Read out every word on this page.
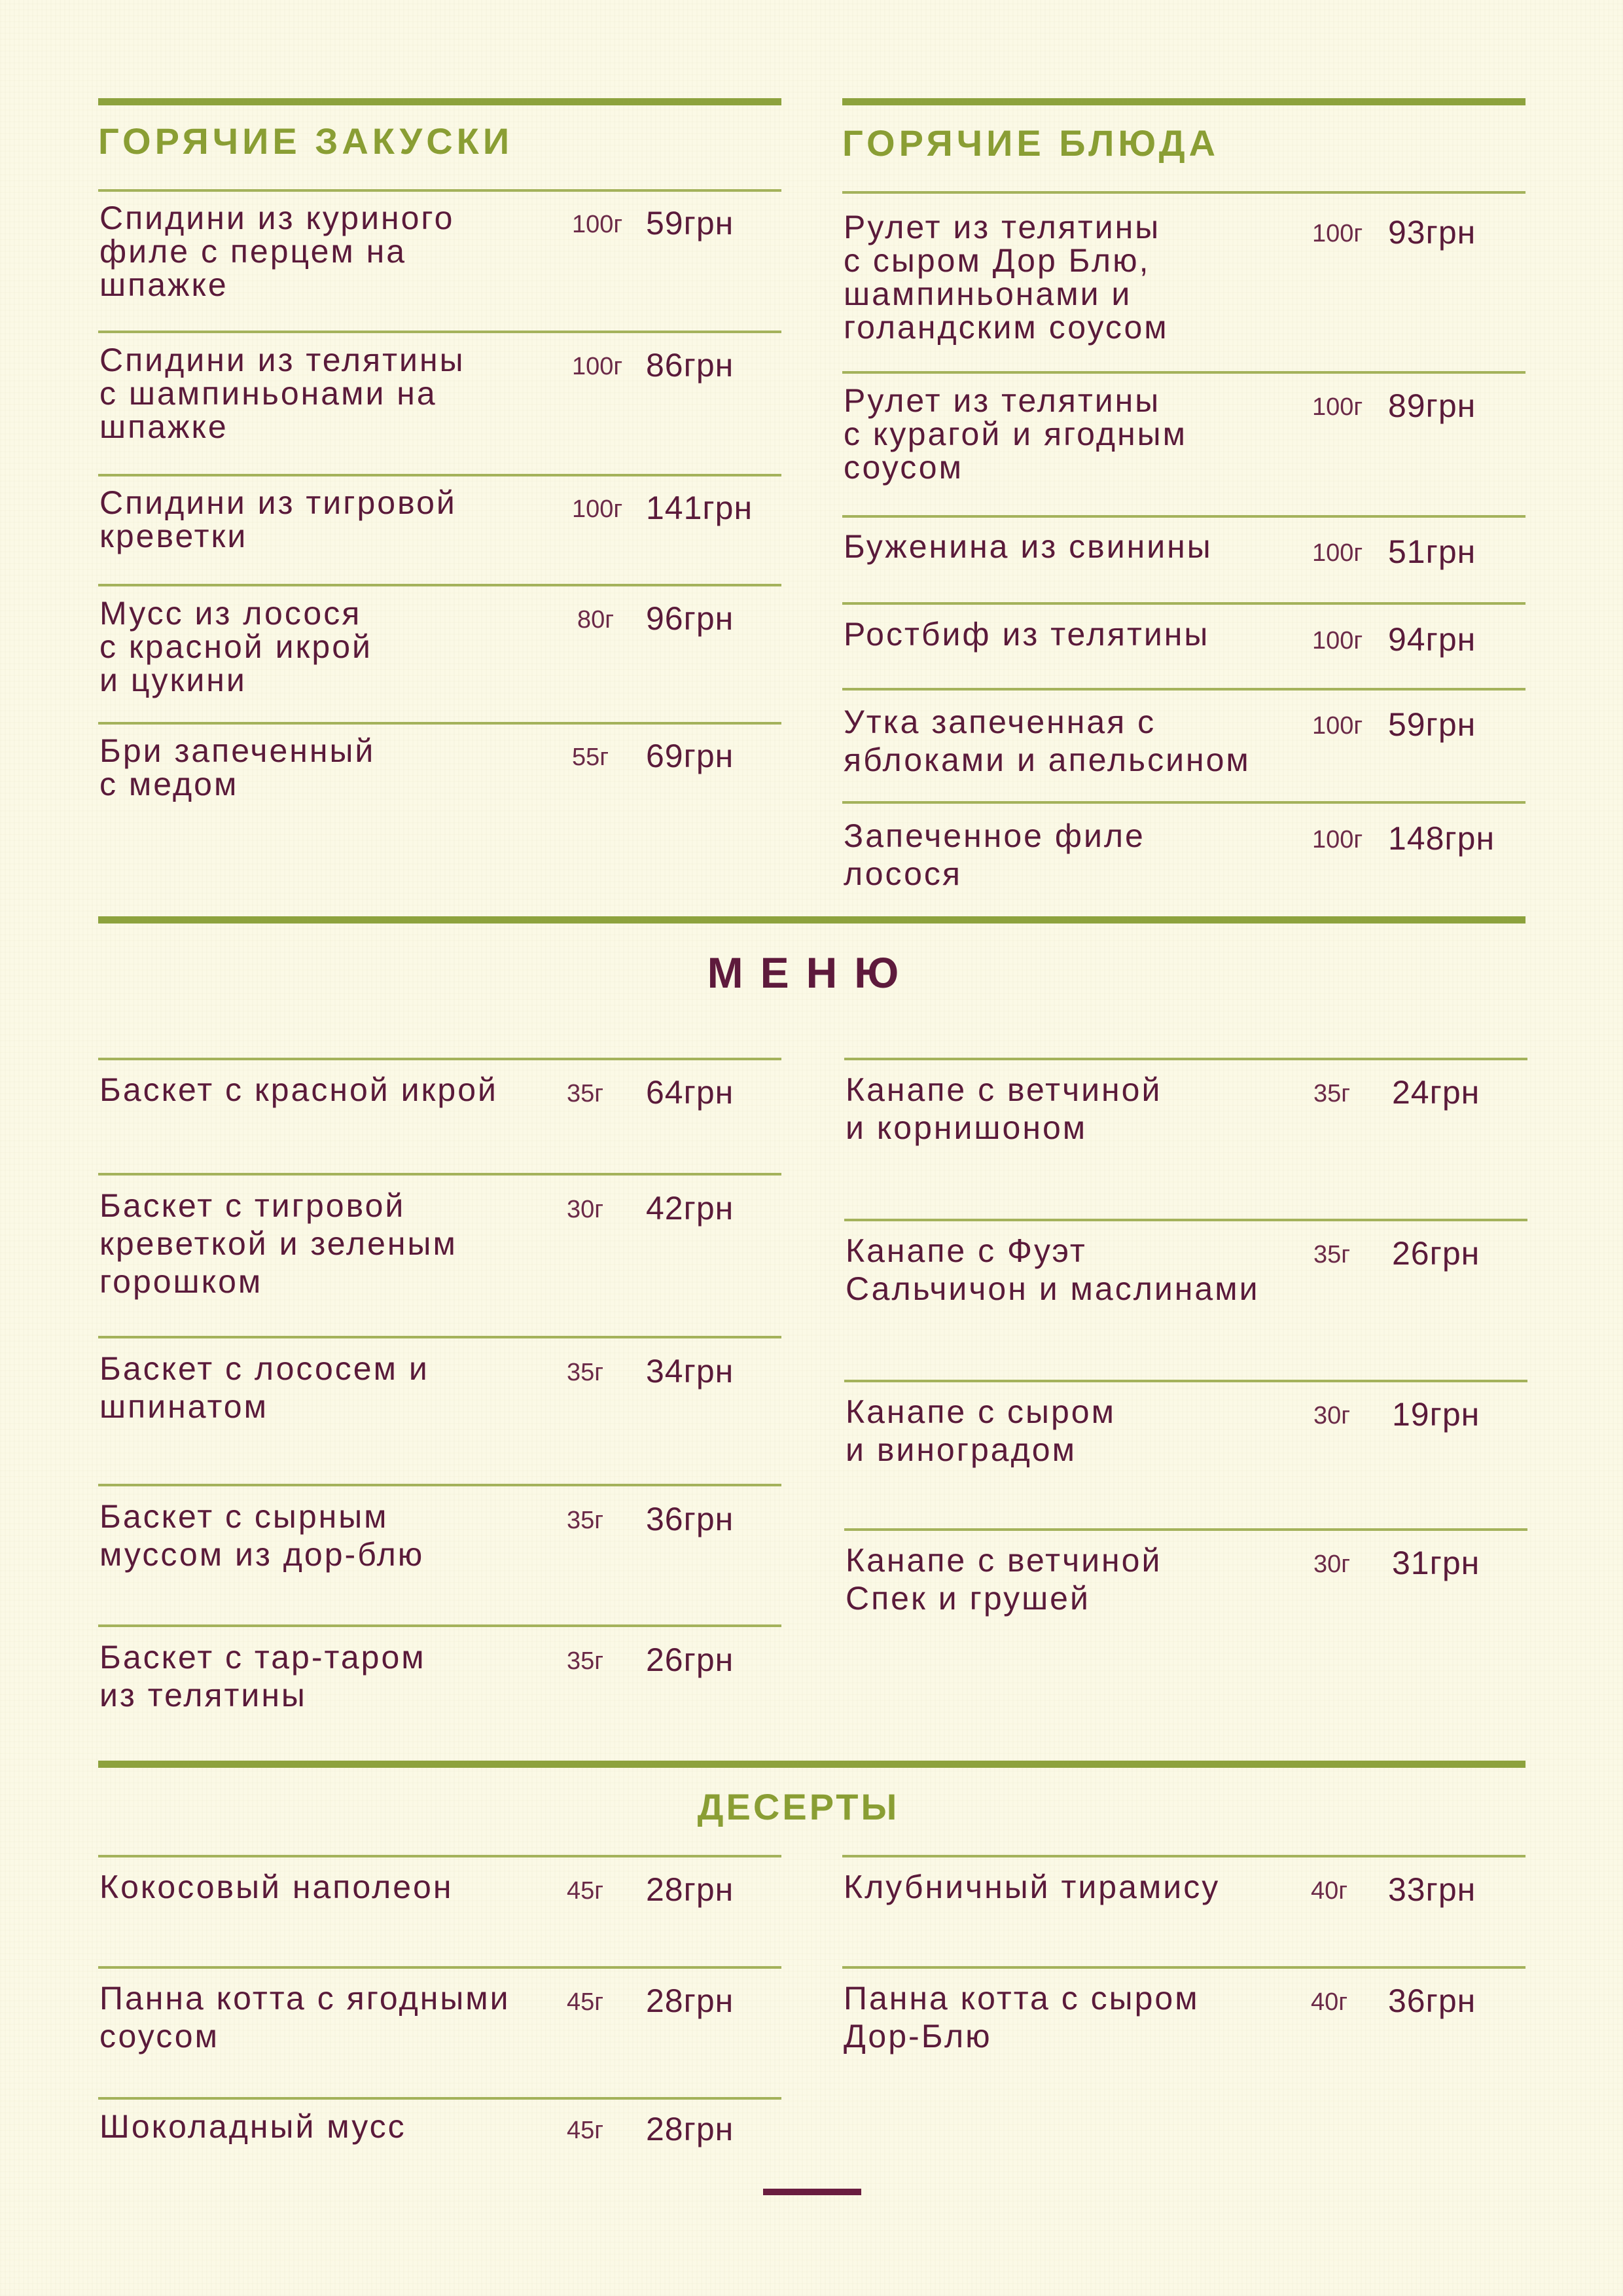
ГОРЯЧИЕ ЗАКУСКИ	ГОРЯЧИЕ БЛЮДА
Спидини из куриного
филе с перцем на
шпажке
100г 59грн
Спидини из телятины
с шампиньонами на
шпажке
100г 86грн
Спидини из тигровой
креветки
100г 141грн
Мусс из лосося
с красной икрой
и цукини
80г 96грн
Бри запеченный
с медом
55г 69грн
Рулет из телятины
с сыром Дор Блю,
шампиньонами и
голандским соусом
100г 93грн
Рулет из телятины
с курагой и ягодным
соусом
100г 89грн
Буженина из свинины	100г 51грн
Ростбиф из телятины	100г 94грн
Утка запеченная с
яблоками и апельсином
100г 59грн
Запеченное филе
лосося
100г 148грн
МЕНЮ
Баскет с красной икрой	35г 64грн
Баскет с тигровой
креветкой и зеленым
горошком
30г 42грн
Баскет с лососем и
шпинатом
35г 34грн
Баскет с сырным
муссом из дор-блю
35г 36грн
Баскет с тар-таром
из телятины
35г 26грн
Канапе с ветчиной
и корнишоном
35г 24грн
Канапе с Фуэт
Сальчичон и маслинами
35г 26грн
Канапе с сыром
и виноградом
30г 19грн
Канапе с ветчиной
Спек и грушей
30г 31грн
ДЕСЕРТЫ
Кокосовый наполеон	45г 28грн
Панна котта с ягодными
соусом
45г 28грн
Шоколадный мусс	45г 28грн
Клубничный тирамису	40г 33грн
Панна котта с сыром
Дор-Блю
40г 36грн
